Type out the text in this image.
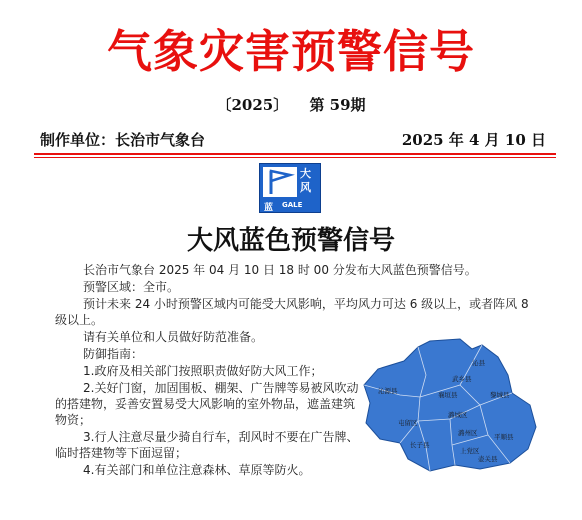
气象灾害预警信号
〔2025〕 第 59期
制作单位：长治市气象台	2025 年 4 月 10 日
大风
蓝 GALE
大风蓝色预警信号
长治市气象台 2025 年 04 月 10 日 18 时 00 分发布大风蓝色预警信号。
预警区域：全市。
预计未来 24 小时预警区域内可能受大风影响，平均风力可达 6 级以上，或者阵风 8 级以上。
请有关单位和人员做好防范准备。
防御指南：
1.政府及相关部门按照职责做好防大风工作；
2.关好门窗，加固围板、棚架、广告牌等易被风吹动的搭建物，妥善安置易受大风影响的室外物品，遮盖建筑物资；
3.行人注意尽量少骑自行车，刮风时不要在广告牌、临时搭建物等下面逗留；
4.有关部门和单位注意森林、草原等防火。
沁县
沁源县
武乡县
襄垣县
潞城区
黎城县
屯留区
潞州区
上党区
平顺县
长子县
壶关县
